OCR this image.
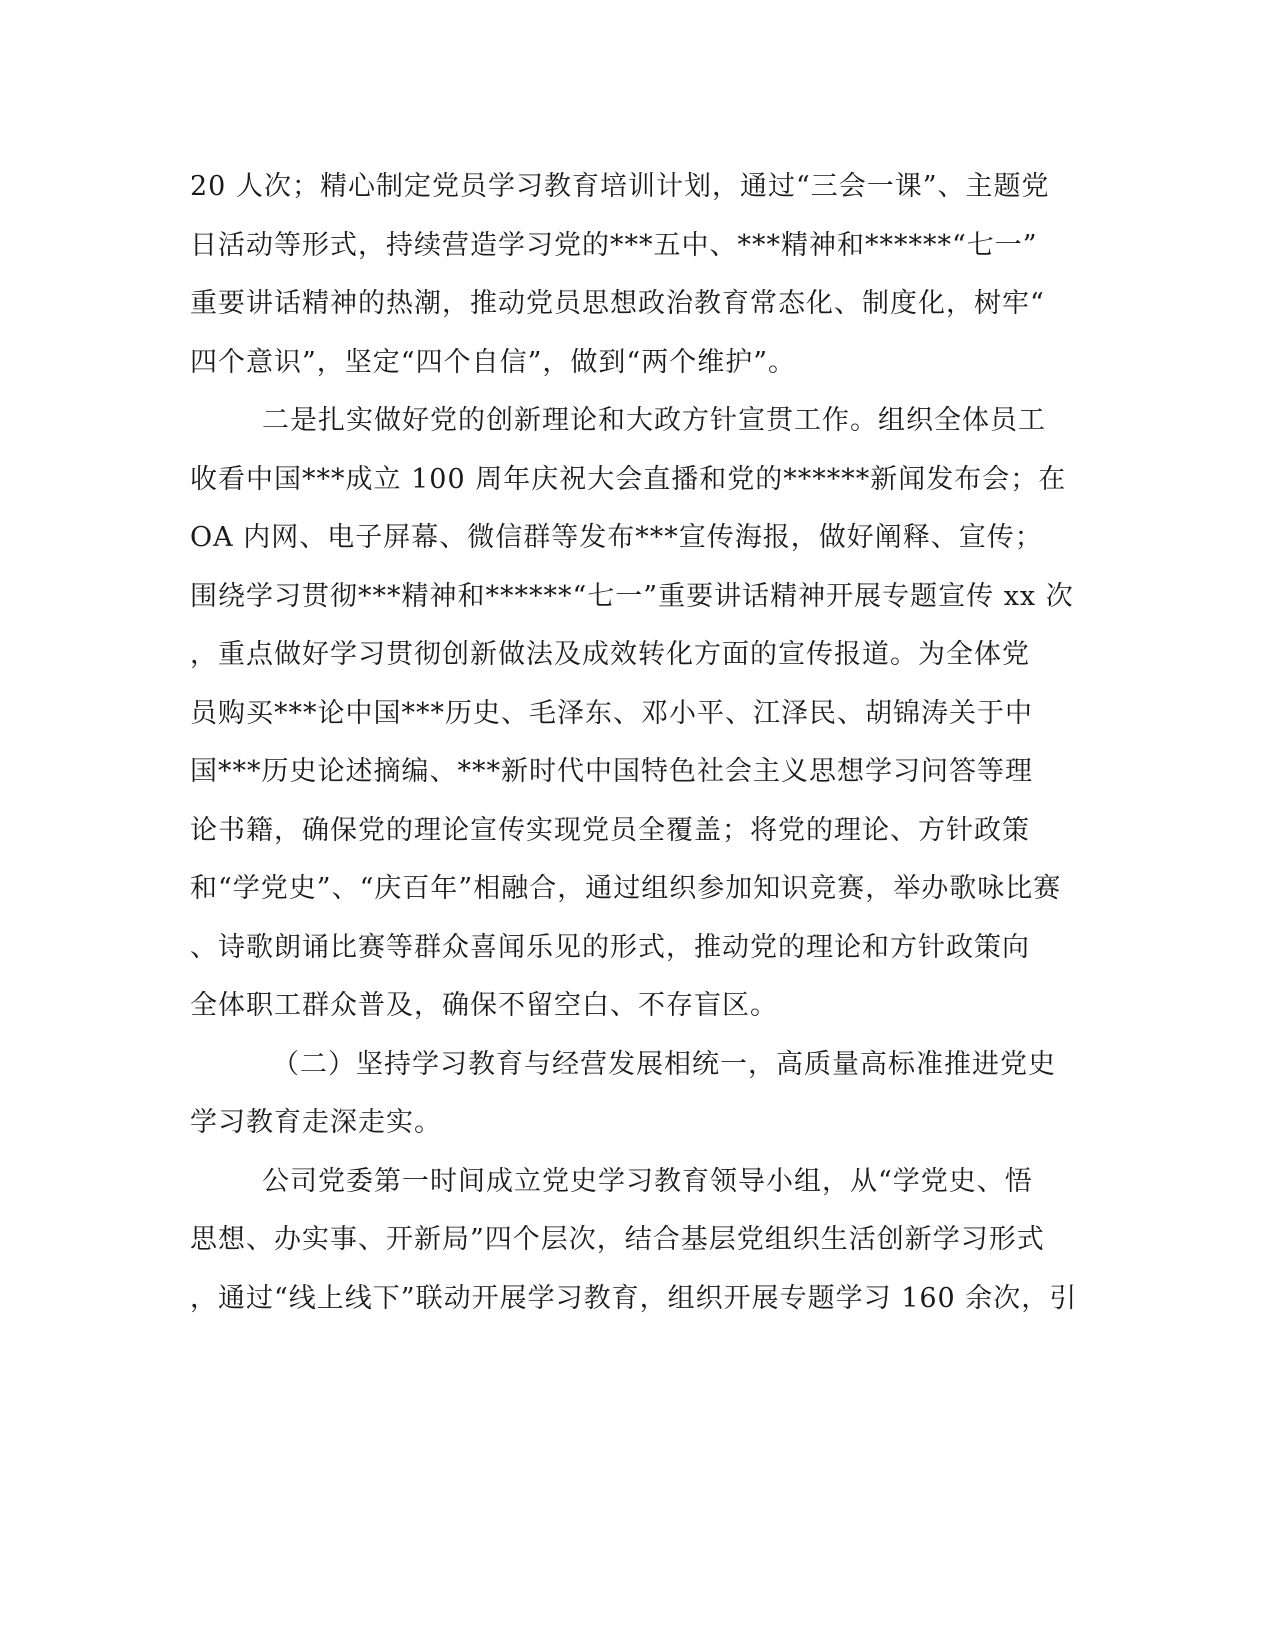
20 人次；精心制定党员学习教育培训计划，通过“三会一课”、主题党
日活动等形式，持续营造学习党的***五中、***精神和******“七一”
重要讲话精神的热潮，推动党员思想政治教育常态化、制度化，树牢“
四个意识”，坚定“四个自信”，做到“两个维护”。
二是扎实做好党的创新理论和大政方针宣贯工作。组织全体员工
收看中国***成立 100 周年庆祝大会直播和党的******新闻发布会；在
OA 内网、电子屏幕、微信群等发布***宣传海报，做好阐释、宣传；
围绕学习贯彻***精神和******“七一”重要讲话精神开展专题宣传 xx 次
，重点做好学习贯彻创新做法及成效转化方面的宣传报道。为全体党
员购买***论中国***历史、毛泽东、邓小平、江泽民、胡锦涛关于中
国***历史论述摘编、***新时代中国特色社会主义思想学习问答等理
论书籍，确保党的理论宣传实现党员全覆盖；将党的理论、方针政策
和“学党史”、“庆百年”相融合，通过组织参加知识竞赛，举办歌咏比赛
、诗歌朗诵比赛等群众喜闻乐见的形式，推动党的理论和方针政策向
全体职工群众普及，确保不留空白、不存盲区。
（二）坚持学习教育与经营发展相统一，高质量高标准推进党史
学习教育走深走实。
公司党委第一时间成立党史学习教育领导小组，从“学党史、悟
思想、办实事、开新局”四个层次，结合基层党组织生活创新学习形式
，通过“线上线下”联动开展学习教育，组织开展专题学习 160 余次，引
